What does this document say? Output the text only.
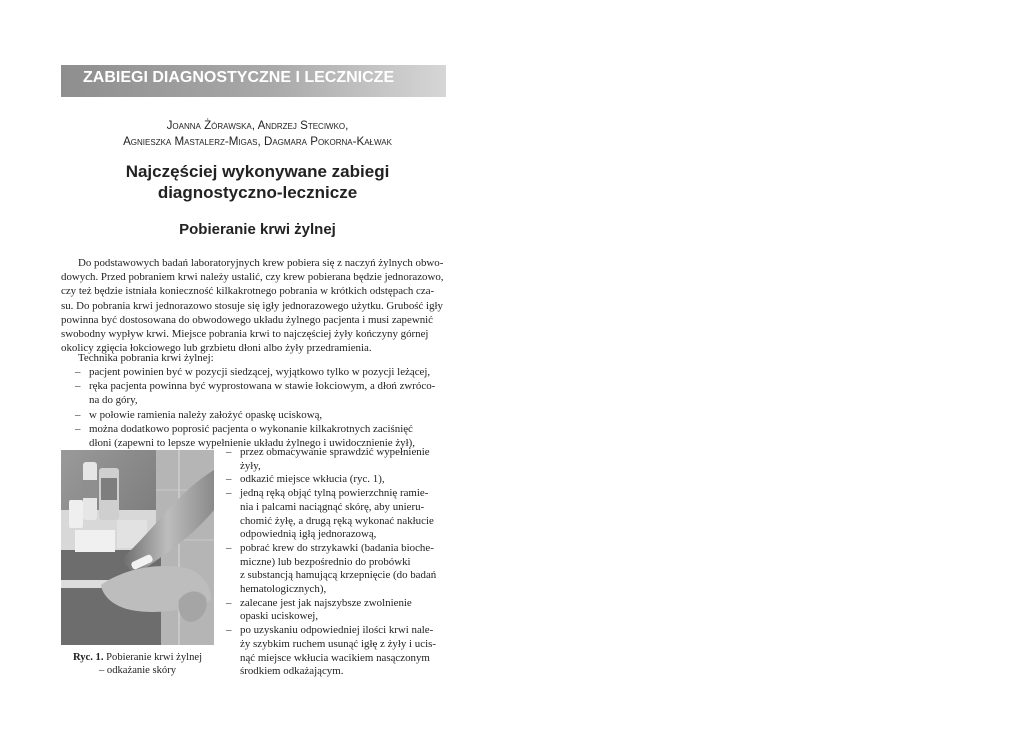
ZABIEGI DIAGNOSTYCZNE I LECZNICZE
Joanna Żórawska, Andrzej Steciwko,
Agnieszka Mastalerz-Migas, Dagmara Pokorna-Kałwak
Najczęściej wykonywane zabiegi
diagnostyczno-lecznicze
Pobieranie krwi żylnej
Do podstawowych badań laboratoryjnych krew pobiera się z naczyń żylnych obwo-
dowych. Przed pobraniem krwi należy ustalić, czy krew pobierana będzie jednorazowo,
czy też będzie istniała konieczność kilkakrotnego pobrania w krótkich odstępach cza-
su. Do pobrania krwi jednorazowo stosuje się igły jednorazowego użytku. Grubość igły
powinna być dostosowana do obwodowego układu żylnego pacjenta i musi zapewnić
swobodny wypływ krwi. Miejsce pobrania krwi to najczęściej żyły kończyny górnej
okolicy zgięcia łokciowego lub grzbietu dłoni albo żyły przedramienia.
Technika pobrania krwi żylnej:
– pacjent powinien być w pozycji siedzącej, wyjątkowo tylko w pozycji leżącej,
– ręka pacjenta powinna być wyprostowana w stawie łokciowym, a dłoń zwróco-
na do góry,
– w połowie ramienia należy założyć opaskę uciskową,
– można dodatkowo poprosić pacjenta o wykonanie kilkakrotnych zaciśnięć
dłoni (zapewni to lepsze wypełnienie układu żylnego i uwidocznienie żył),
Ryc. 1. Pobieranie krwi żylnej
– odkażanie skóry
– przez obmacywanie sprawdzić wypełnienie
żyły,
– odkazić miejsce wkłucia (ryc. 1),
– jedną ręką objąć tylną powierzchnię ramie-
nia i palcami naciągnąć skórę, aby unieru-
chomić żyłę, a drugą ręką wykonać nakłucie
odpowiednią igłą jednorazową,
– pobrać krew do strzykawki (badania bioche-
miczne) lub bezpośrednio do probówki
z substancją hamującą krzepnięcie (do badań
hematologicznych),
– zalecane jest jak najszybsze zwolnienie
opaski uciskowej,
– po uzyskaniu odpowiedniej ilości krwi nale-
ży szybkim ruchem usunąć igłę z żyły i ucis-
nąć miejsce wkłucia wacikiem nasączonym
środkiem odkażającym.
